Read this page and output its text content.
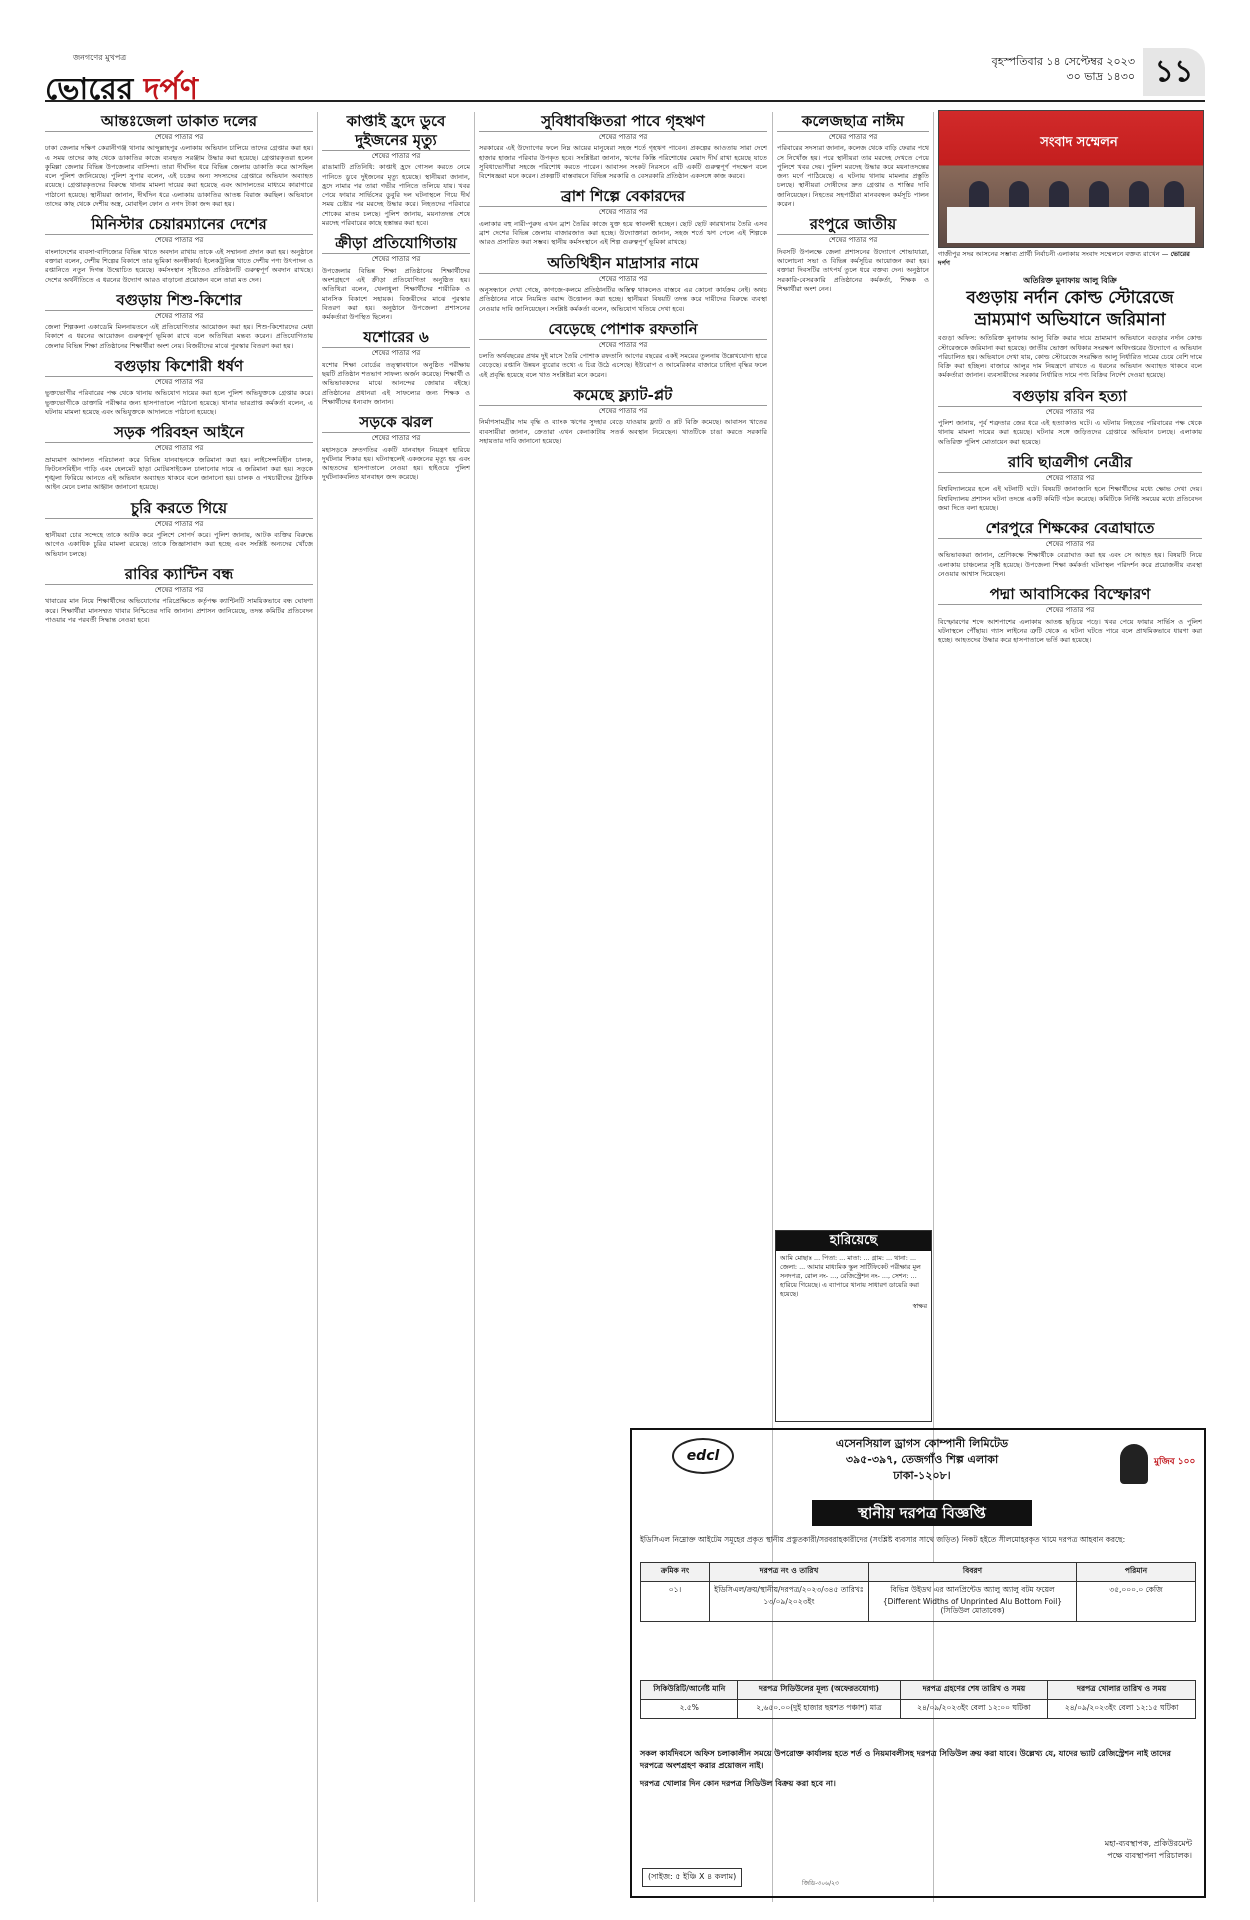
জনগণের মুখপত্র
ভোরের দর্পণ
বৃহস্পতিবার ১৪ সেপ্টেম্বর ২০২৩
৩০ ভাদ্র ১৪৩০ ১১
আন্তঃজেলা ডাকাত দলের
শেষের পাতার পর

ঢাকা জেলার দক্ষিণ কেরানীগঞ্জ থানার আব্দুল্লাহপুর এলাকায় অভিযান চালিয়ে তাদের গ্রেপ্তার করা হয়। এ সময় তাদের কাছ থেকে ডাকাতির কাজে ব্যবহৃত সরঞ্জাম উদ্ধার করা হয়েছে। গ্রেপ্তারকৃতরা হলেন কুমিল্লা জেলার বিভিন্ন উপজেলার বাসিন্দা। তারা দীর্ঘদিন ধরে বিভিন্ন জেলায় ডাকাতি করে আসছিল বলে পুলিশ জানিয়েছে। পুলিশ সুপার বলেন, এই চক্রের অন্য সদস্যদের গ্রেপ্তারে অভিযান অব্যাহত রয়েছে। গ্রেপ্তারকৃতদের বিরুদ্ধে থানায় মামলা দায়ের করা হয়েছে এবং আদালতের মাধ্যমে কারাগারে পাঠানো হয়েছে। স্থানীয়রা জানান, দীর্ঘদিন ধরে এলাকায় ডাকাতির আতঙ্ক বিরাজ করছিল। অভিযানে তাদের কাছ থেকে দেশীয় অস্ত্র, মোবাইল ফোন ও নগদ টাকা জব্দ করা হয়।

মিনিস্টার চেয়ারম্যানের দেশের
শেষের পাতার পর

বাংলাদেশের ব্যবসা-বাণিজ্যের বিভিন্ন খাতে অবদান রাখায় তাকে এই সম্মাননা প্রদান করা হয়। অনুষ্ঠানে বক্তারা বলেন, দেশীয় শিল্পের বিকাশে তার ভূমিকা অনস্বীকার্য। ইলেকট্রনিক্স খাতে দেশীয় পণ্য উৎপাদন ও রপ্তানিতে নতুন দিগন্ত উন্মোচিত হয়েছে। কর্মসংস্থান সৃষ্টিতেও প্রতিষ্ঠানটি গুরুত্বপূর্ণ অবদান রাখছে। দেশের অর্থনীতিতে এ ধরনের উদ্যোগ আরও বাড়ানো প্রয়োজন বলে তারা মত দেন।

বগুড়ায় শিশু-কিশোর
শেষের পাতার পর

জেলা শিল্পকলা একাডেমি মিলনায়তনে এই প্রতিযোগিতার আয়োজন করা হয়। শিশু-কিশোরদের মেধা বিকাশে এ ধরনের আয়োজন গুরুত্বপূর্ণ ভূমিকা রাখে বলে অতিথিরা মন্তব্য করেন। প্রতিযোগিতায় জেলার বিভিন্ন শিক্ষা প্রতিষ্ঠানের শিক্ষার্থীরা অংশ নেয়। বিজয়ীদের মাঝে পুরস্কার বিতরণ করা হয়।

বগুড়ায় কিশোরী ধর্ষণ
শেষের পাতার পর

ভুক্তভোগীর পরিবারের পক্ষ থেকে থানায় অভিযোগ দায়ের করা হলে পুলিশ অভিযুক্তকে গ্রেপ্তার করে। ভুক্তভোগীকে ডাক্তারি পরীক্ষার জন্য হাসপাতালে পাঠানো হয়েছে। থানার ভারপ্রাপ্ত কর্মকর্তা বলেন, এ ঘটনায় মামলা হয়েছে এবং অভিযুক্তকে আদালতে পাঠানো হয়েছে।

সড়ক পরিবহন আইনে
শেষের পাতার পর

ভ্রাম্যমাণ আদালত পরিচালনা করে বিভিন্ন যানবাহনকে জরিমানা করা হয়। লাইসেন্সবিহীন চালক, ফিটনেসবিহীন গাড়ি এবং হেলমেট ছাড়া মোটরসাইকেল চালানোর দায়ে এ জরিমানা করা হয়। সড়কে শৃঙ্খলা ফিরিয়ে আনতে এই অভিযান অব্যাহত থাকবে বলে জানানো হয়। চালক ও পথচারীদের ট্রাফিক আইন মেনে চলার আহ্বান জানানো হয়েছে।

চুরি করতে গিয়ে
শেষের পাতার পর

স্থানীয়রা চোর সন্দেহে তাকে আটক করে পুলিশে সোপর্দ করে। পুলিশ জানায়, আটক ব্যক্তির বিরুদ্ধে আগেও একাধিক চুরির মামলা রয়েছে। তাকে জিজ্ঞাসাবাদ করা হচ্ছে এবং সংশ্লিষ্ট অন্যদের খোঁজে অভিযান চলছে।

রাবির ক্যান্টিন বন্ধ
শেষের পাতার পর

খাবারের মান নিয়ে শিক্ষার্থীদের অভিযোগের পরিপ্রেক্ষিতে কর্তৃপক্ষ ক্যান্টিনটি সাময়িকভাবে বন্ধ ঘোষণা করে। শিক্ষার্থীরা মানসম্মত খাবার নিশ্চিতের দাবি জানান। প্রশাসন জানিয়েছে, তদন্ত কমিটির প্রতিবেদন পাওয়ার পর পরবর্তী সিদ্ধান্ত নেওয়া হবে।

কাপ্তাই হ্রদে ডুবে দুইজনের মৃত্যু
শেষের পাতার পর

রাঙামাটি প্রতিনিধি: কাপ্তাই হ্রদে গোসল করতে নেমে পানিতে ডুবে দুইজনের মৃত্যু হয়েছে। স্থানীয়রা জানান, হ্রদে নামার পর তারা গভীর পানিতে তলিয়ে যায়। খবর পেয়ে ফায়ার সার্ভিসের ডুবুরি দল ঘটনাস্থলে গিয়ে দীর্ঘ সময় চেষ্টার পর মরদেহ উদ্ধার করে। নিহতদের পরিবারে শোকের মাতম চলছে। পুলিশ জানায়, ময়নাতদন্ত শেষে মরদেহ পরিবারের কাছে হস্তান্তর করা হবে।

ক্রীড়া প্রতিযোগিতায়
শেষের পাতার পর

উপজেলার বিভিন্ন শিক্ষা প্রতিষ্ঠানের শিক্ষার্থীদের অংশগ্রহণে এই ক্রীড়া প্রতিযোগিতা অনুষ্ঠিত হয়। অতিথিরা বলেন, খেলাধুলা শিক্ষার্থীদের শারীরিক ও মানসিক বিকাশে সহায়ক। বিজয়ীদের মাঝে পুরস্কার বিতরণ করা হয়। অনুষ্ঠানে উপজেলা প্রশাসনের কর্মকর্তারা উপস্থিত ছিলেন।

যশোরের ৬
শেষের পাতার পর

যশোর শিক্ষা বোর্ডের তত্ত্বাবধানে অনুষ্ঠিত পরীক্ষায় ছয়টি প্রতিষ্ঠান শতভাগ সাফল্য অর্জন করেছে। শিক্ষার্থী ও অভিভাবকদের মাঝে আনন্দের জোয়ার বইছে। প্রতিষ্ঠানের প্রধানরা এই সাফল্যের জন্য শিক্ষক ও শিক্ষার্থীদের ধন্যবাদ জানান।

সড়কে ঝরল
শেষের পাতার পর

মহাসড়কে দ্রুতগতির একটি যানবাহন নিয়ন্ত্রণ হারিয়ে দুর্ঘটনার শিকার হয়। ঘটনাস্থলেই একজনের মৃত্যু হয় এবং আহতদের হাসপাতালে নেওয়া হয়। হাইওয়ে পুলিশ দুর্ঘটনাকবলিত যানবাহন জব্দ করেছে।

সুবিধাবঞ্চিতরা পাবে গৃহঋণ
শেষের পাতার পর

সরকারের এই উদ্যোগের ফলে নিম্ন আয়ের মানুষেরা সহজ শর্তে গৃহঋণ পাবেন। প্রকল্পের আওতায় সারা দেশে হাজার হাজার পরিবার উপকৃত হবে। সংশ্লিষ্টরা জানান, ঋণের কিস্তি পরিশোধের মেয়াদ দীর্ঘ রাখা হয়েছে যাতে সুবিধাভোগীরা সহজে পরিশোধ করতে পারেন। আবাসন সংকট নিরসনে এটি একটি গুরুত্বপূর্ণ পদক্ষেপ বলে বিশেষজ্ঞরা মনে করেন। প্রকল্পটি বাস্তবায়নে বিভিন্ন সরকারি ও বেসরকারি প্রতিষ্ঠান একসঙ্গে কাজ করবে।

ব্রাশ শিল্পে বেকারদের
শেষের পাতার পর

এলাকার বহু নারী-পুরুষ এখন ব্রাশ তৈরির কাজে যুক্ত হয়ে স্বাবলম্বী হচ্ছেন। ছোট ছোট কারখানায় তৈরি এসব ব্রাশ দেশের বিভিন্ন জেলায় বাজারজাত করা হচ্ছে। উদ্যোক্তারা জানান, সহজ শর্তে ঋণ পেলে এই শিল্পকে আরও প্রসারিত করা সম্ভব। স্থানীয় কর্মসংস্থানে এই শিল্প গুরুত্বপূর্ণ ভূমিকা রাখছে।

অতিথিহীন মাদ্রাসার নামে
শেষের পাতার পর

অনুসন্ধানে দেখা গেছে, কাগজে-কলমে প্রতিষ্ঠানটির অস্তিত্ব থাকলেও বাস্তবে এর কোনো কার্যক্রম নেই। অথচ প্রতিষ্ঠানের নামে নিয়মিত বরাদ্দ উত্তোলন করা হচ্ছে। স্থানীয়রা বিষয়টি তদন্ত করে দায়ীদের বিরুদ্ধে ব্যবস্থা নেওয়ার দাবি জানিয়েছেন। সংশ্লিষ্ট কর্মকর্তা বলেন, অভিযোগ খতিয়ে দেখা হবে।

বেড়েছে পোশাক রফতানি
শেষের পাতার পর

চলতি অর্থবছরের প্রথম দুই মাসে তৈরি পোশাক রফতানি আগের বছরের একই সময়ের তুলনায় উল্লেখযোগ্য হারে বেড়েছে। রপ্তানি উন্নয়ন ব্যুরোর তথ্যে এ চিত্র উঠে এসেছে। ইউরোপ ও আমেরিকার বাজারে চাহিদা বৃদ্ধির ফলে এই প্রবৃদ্ধি হয়েছে বলে খাত সংশ্লিষ্টরা মনে করেন।

কমেছে ফ্ল্যাট-প্লট
শেষের পাতার পর

নির্মাণসামগ্রীর দাম বৃদ্ধি ও ব্যাংক ঋণের সুদহার বেড়ে যাওয়ায় ফ্ল্যাট ও প্লট বিক্রি কমেছে। আবাসন খাতের ব্যবসায়ীরা জানান, ক্রেতারা এখন কেনাকাটায় সতর্ক অবস্থান নিয়েছেন। খাতটিকে চাঙা করতে সরকারি সহায়তার দাবি জানানো হয়েছে।

কলেজছাত্র নাঈম
শেষের পাতার পর

পরিবারের সদস্যরা জানান, কলেজ থেকে বাড়ি ফেরার পথে সে নিখোঁজ হয়। পরে স্থানীয়রা তার মরদেহ দেখতে পেয়ে পুলিশে খবর দেয়। পুলিশ মরদেহ উদ্ধার করে ময়নাতদন্তের জন্য মর্গে পাঠিয়েছে। এ ঘটনায় থানায় মামলার প্রস্তুতি চলছে। স্থানীয়রা দোষীদের দ্রুত গ্রেপ্তার ও শাস্তির দাবি জানিয়েছেন। নিহতের সহপাঠীরা মানববন্ধন কর্মসূচি পালন করেন।

রংপুরে জাতীয়
শেষের পাতার পর

দিবসটি উপলক্ষে জেলা প্রশাসনের উদ্যোগে শোভাযাত্রা, আলোচনা সভা ও বিভিন্ন কর্মসূচির আয়োজন করা হয়। বক্তারা দিবসটির তাৎপর্য তুলে ধরে বক্তব্য দেন। অনুষ্ঠানে সরকারি-বেসরকারি প্রতিষ্ঠানের কর্মকর্তা, শিক্ষক ও শিক্ষার্থীরা অংশ নেন।

সংবাদ সম্মেলন
গাজীপুর সদর আসনের সম্ভাব্য প্রার্থী নির্বাচনী এলাকায় সংবাদ সম্মেলনে বক্তব্য রাখেন — ভোরের দর্পণ
অতিরিক্ত মুনাফায় আলু বিক্রি
বগুড়ায় নর্দান কোল্ড স্টোরেজে ভ্রাম্যমাণ অভিযানে জরিমানা

বগুড়া অফিস: অতিরিক্ত মুনাফায় আলু বিক্রি করার দায়ে ভ্রাম্যমাণ অভিযানে বগুড়ার নর্দান কোল্ড স্টোরেজকে জরিমানা করা হয়েছে। জাতীয় ভোক্তা অধিকার সংরক্ষণ অধিদপ্তরের উদ্যোগে এ অভিযান পরিচালিত হয়। অভিযানে দেখা যায়, কোল্ড স্টোরেজে সংরক্ষিত আলু নির্ধারিত দামের চেয়ে বেশি দামে বিক্রি করা হচ্ছিল। বাজারে আলুর দাম নিয়ন্ত্রণে রাখতে এ ধরনের অভিযান অব্যাহত থাকবে বলে কর্মকর্তারা জানান। ব্যবসায়ীদের সরকার নির্ধারিত দামে পণ্য বিক্রির নির্দেশ দেওয়া হয়েছে।

বগুড়ায় রবিন হত্যা
শেষের পাতার পর

পুলিশ জানায়, পূর্ব শত্রুতার জের ধরে এই হত্যাকাণ্ড ঘটে। এ ঘটনায় নিহতের পরিবারের পক্ষ থেকে থানায় মামলা দায়ের করা হয়েছে। ঘটনার সঙ্গে জড়িতদের গ্রেপ্তারে অভিযান চলছে। এলাকায় অতিরিক্ত পুলিশ মোতায়েন করা হয়েছে।

রাবি ছাত্রলীগ নেত্রীর
শেষের পাতার পর

বিশ্ববিদ্যালয়ের হলে এই ঘটনাটি ঘটে। বিষয়টি জানাজানি হলে শিক্ষার্থীদের মধ্যে ক্ষোভ দেখা দেয়। বিশ্ববিদ্যালয় প্রশাসন ঘটনা তদন্তে একটি কমিটি গঠন করেছে। কমিটিকে নির্দিষ্ট সময়ের মধ্যে প্রতিবেদন জমা দিতে বলা হয়েছে।

শেরপুরে শিক্ষকের বেত্রাঘাতে
শেষের পাতার পর

অভিভাবকরা জানান, শ্রেণিকক্ষে শিক্ষার্থীকে বেত্রাঘাত করা হয় এবং সে আহত হয়। বিষয়টি নিয়ে এলাকায় চাঞ্চল্যের সৃষ্টি হয়েছে। উপজেলা শিক্ষা কর্মকর্তা ঘটনাস্থল পরিদর্শন করে প্রয়োজনীয় ব্যবস্থা নেওয়ার আশ্বাস দিয়েছেন।

পদ্মা আবাসিকের বিস্ফোরণ
শেষের পাতার পর

বিস্ফোরণের শব্দে আশপাশের এলাকায় আতঙ্ক ছড়িয়ে পড়ে। খবর পেয়ে ফায়ার সার্ভিস ও পুলিশ ঘটনাস্থলে পৌঁছায়। গ্যাস লাইনের ত্রুটি থেকে এ ঘটনা ঘটতে পারে বলে প্রাথমিকভাবে ধারণা করা হচ্ছে। আহতদের উদ্ধার করে হাসপাতালে ভর্তি করা হয়েছে।

হারিয়েছে

আমি মোছাঃ ... পিতা: ... মাতা: ... গ্রাম: ... থানা: ... জেলা: ... আমার মাধ্যমিক স্কুল সার্টিফিকেট পরীক্ষার মূল সনদপত্র, রোল নং- ..., রেজিস্ট্রেশন নং- ..., সেশন: ... হারিয়ে গিয়েছে। এ ব্যাপারে থানায় সাধারণ ডায়েরি করা হয়েছে।

স্বাক্ষর

edcl
এসেনসিয়াল ড্রাগস কোম্পানী লিমিটেড
৩৯৫-৩৯৭, তেজগাঁও শিল্প এলাকা
ঢাকা-১২০৮।
মুজিব ১০০
স্থানীয় দরপত্র বিজ্ঞপ্তি
ইডিসিএল নিম্নোক্ত আইটেম সমূহের প্রকৃত স্থানীয় প্রস্তুতকারী/সরবরাহকারীদের (সংশ্লিষ্ট ব্যবসার সাথে জড়িত) নিকট হইতে সীলমোহরকৃত খামে দরপত্র আহবান করছে:
ক্রমিক নং	দরপত্র নং ও তারিখ	বিবরণ	পরিমান
০১।	ইডিসিএল/ক্রয়/স্থানীয়/দরপত্র/২০২৩/৩৪৫ তারিখঃ ১৩/০৯/২০২৩ইং	বিভিন্ন উইডথ এর আনপ্রিন্টেড অ্যালু অ্যালু বটম ফয়েল
{Different Widths of Unprinted Alu Bottom Foil}
(সিডিউল মোতাবেক)	৩৫,০০০.০ কেজি
সিকিউরিটি/আর্নেষ্ট মানি	দরপত্র সিডিউলের মূল্য (অফেরতযোগ্য)	দরপত্র গ্রহণের শেষ তারিখ ও সময়	দরপত্র খোলার তারিখ ও সময়
২.৫%	২,৬৫০.০০(দুই হাজার ছয়শত পঞ্চাশ) মাত্র	২৪/০৯/২০২৩ইং বেলা ১২:০০ ঘটিকা	২৪/০৯/২০২৩ইং বেলা ১২:১৫ ঘটিকা

সকল কার্যদিবসে অফিস চলাকালীন সময়ে উপরোক্ত কার্যালয় হতে শর্ত ও নিয়মাবলীসহ দরপত্র সিডিউল ক্রয় করা যাবে। উল্লেখ্য যে, যাদের ভ্যাট রেজিস্ট্রেশন নাই তাদের দরপত্রে অংশগ্রহণ করার প্রয়োজন নাই।

দরপত্র খোলার দিন কোন দরপত্র সিডিউল বিক্রয় করা হবে না।

মহা-ব্যবস্থাপক, প্রকিউরমেন্ট
পক্ষে ব্যবস্থাপনা পরিচালক।
(সাইজ: ৫ ইঞ্চি X ৪ কলাম)
জিডি-৩০৬/২৩
